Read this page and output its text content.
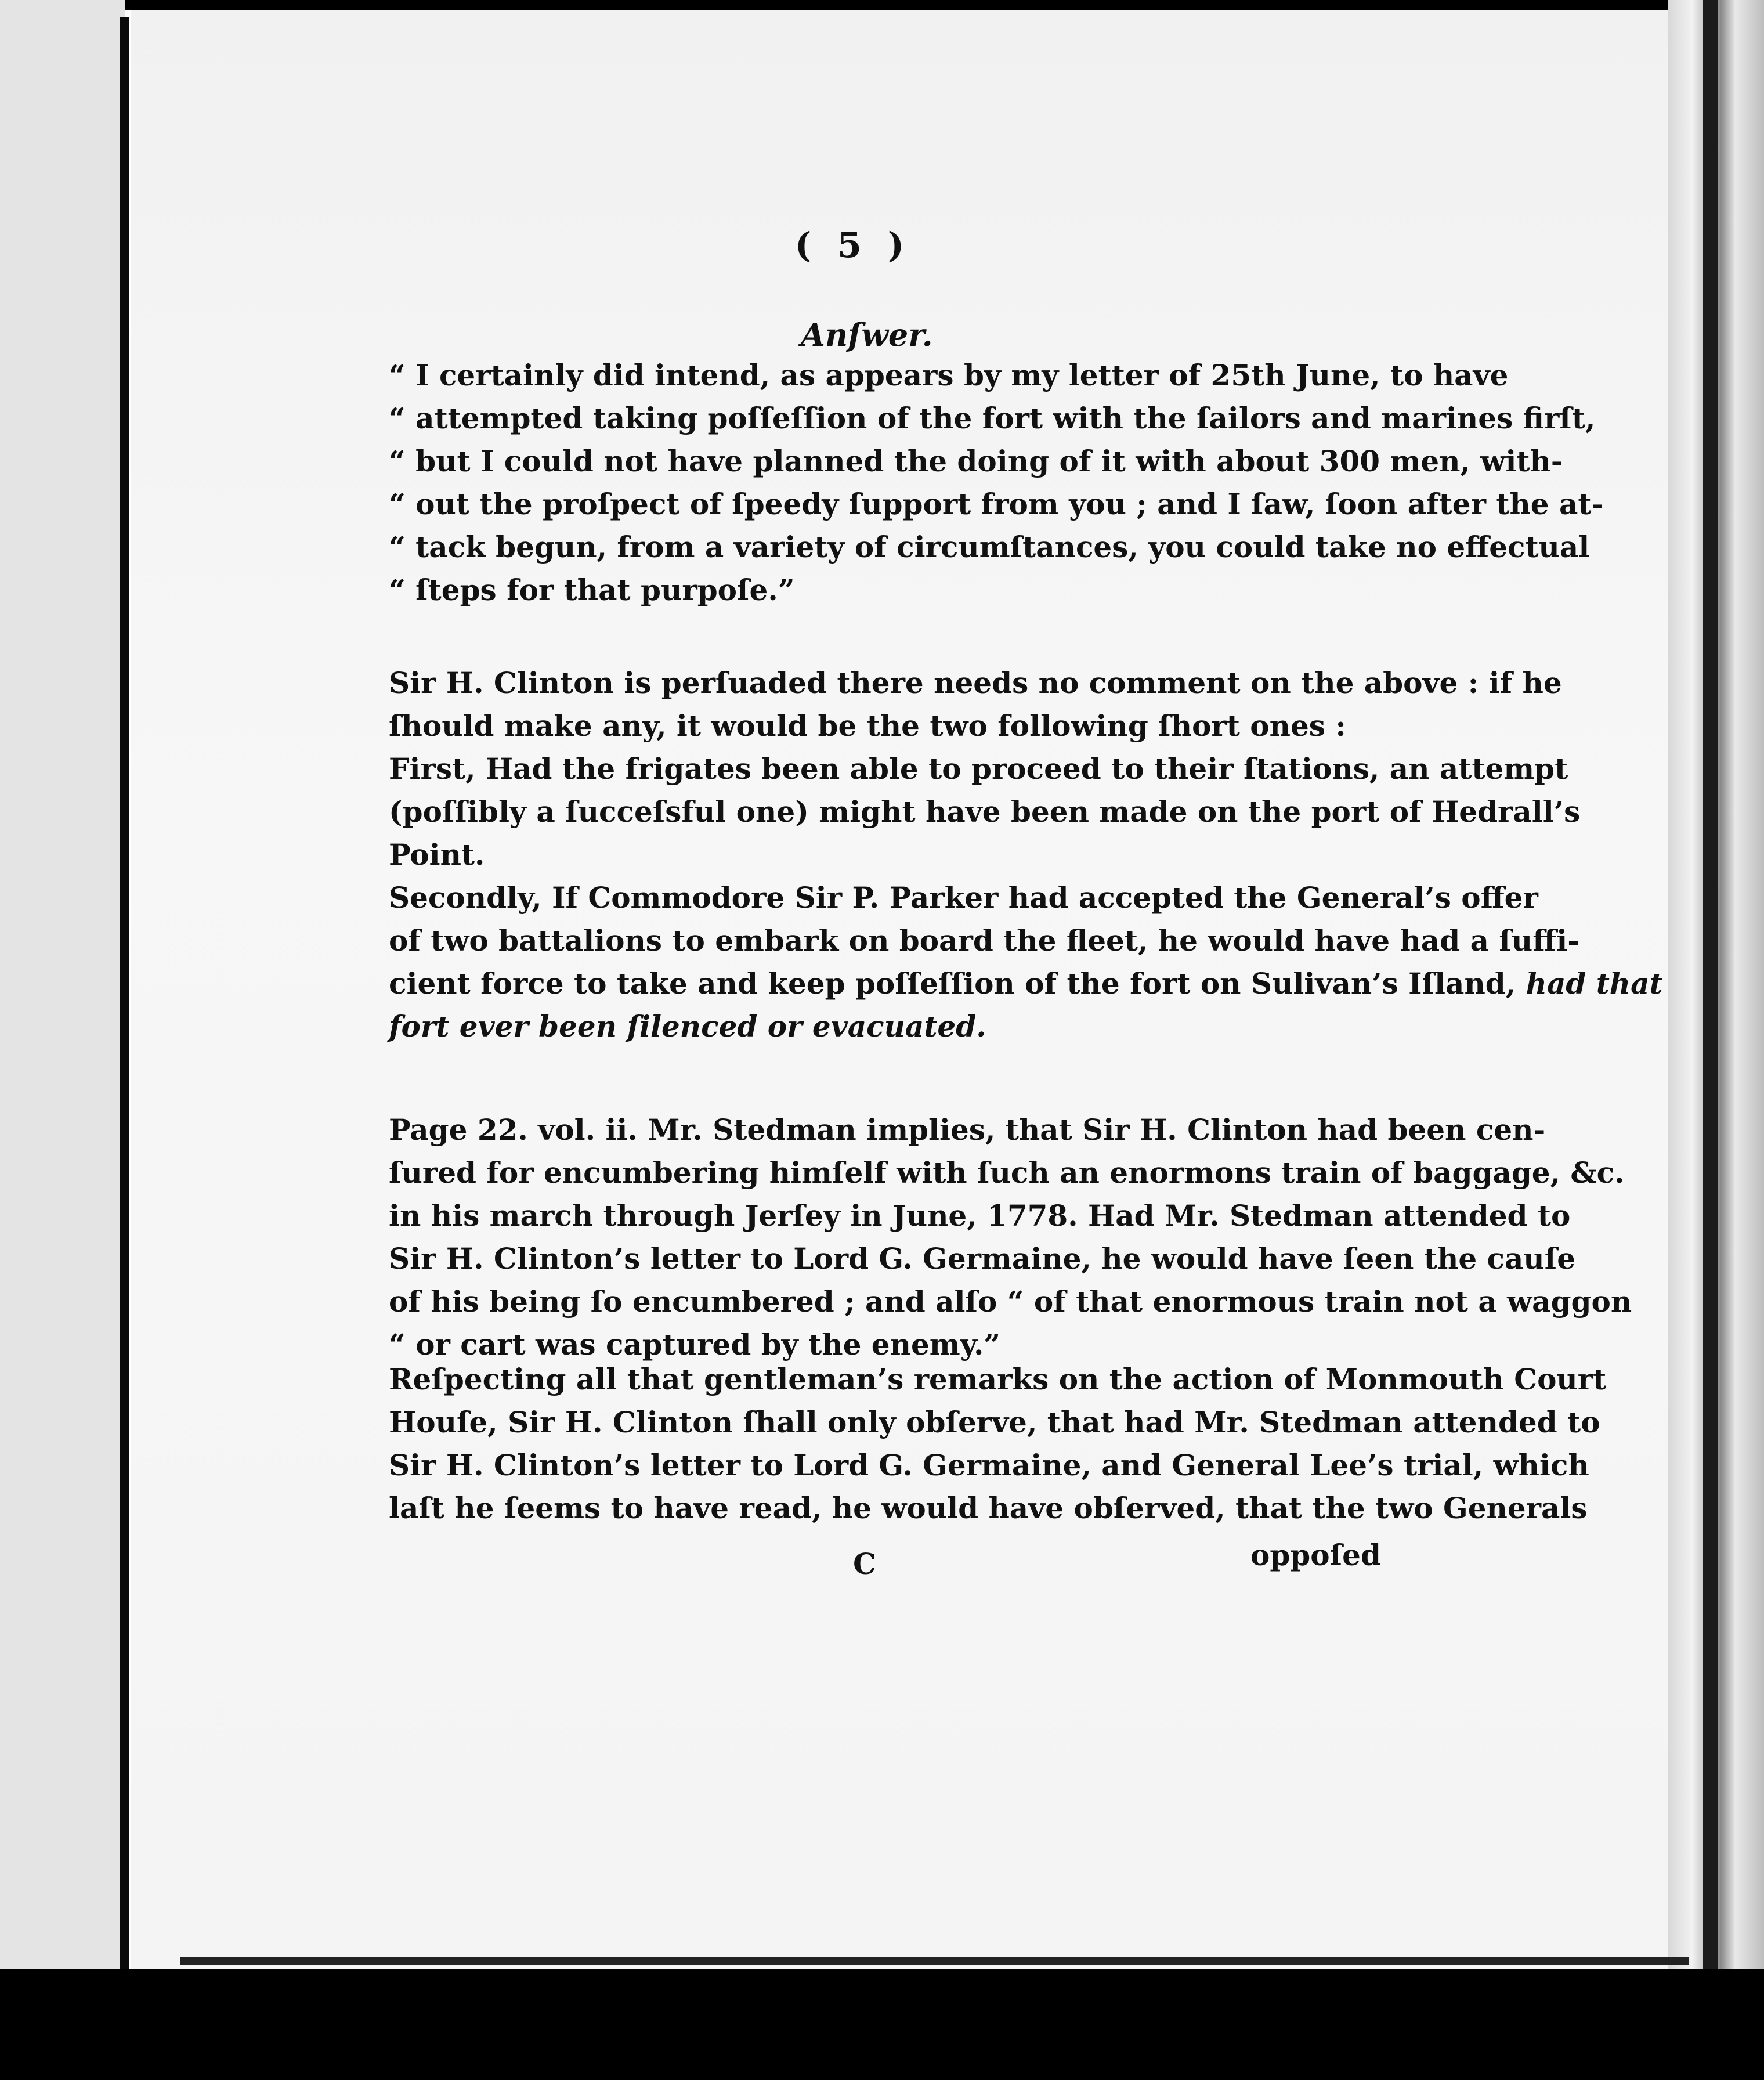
( 5 )
Anſwer.

“ I certainly did intend, as appears by my letter of 25th June, to have
“ attempted taking poſſeſſion of the fort with the ſailors and marines firſt,
“ but I could not have planned the doing of it with about 300 men, with-
“ out the proſpect of ſpeedy ſupport from you ; and I ſaw, ſoon after the at-
“ tack begun, from a variety of circumſtances, you could take no effectual
“ ſteps for that purpoſe.”

Sir H. Clinton is perſuaded there needs no comment on the above : if he
ſhould make any, it would be the two following ſhort ones :

First, Had the frigates been able to proceed to their ſtations, an attempt
(poſſibly a ſucceſsful one) might have been made on the port of Hedrall’s
Point.

Secondly, If Commodore Sir P. Parker had accepted the General’s offer
of two battalions to embark on board the fleet, he would have had a ſuffi-
cient force to take and keep poſſeſſion of the fort on Sulivan’s Iſland, had that
fort ever been ſilenced or evacuated.

Page 22. vol. ii. Mr. Stedman implies, that Sir H. Clinton had been cen-
ſured for encumbering himſelf with ſuch an enormons train of baggage, &c.
in his march through Jerſey in June, 1778. Had Mr. Stedman attended to
Sir H. Clinton’s letter to Lord G. Germaine, he would have ſeen the cauſe
of his being ſo encumbered ; and alſo “ of that enormous train not a waggon
“ or cart was captured by the enemy.”

Reſpecting all that gentleman’s remarks on the action of Monmouth Court
Houſe, Sir H. Clinton ſhall only obſerve, that had Mr. Stedman attended to
Sir H. Clinton’s letter to Lord G. Germaine, and General Lee’s trial, which
laſt he ſeems to have read, he would have obſerved, that the two Generals

C	oppoſed
